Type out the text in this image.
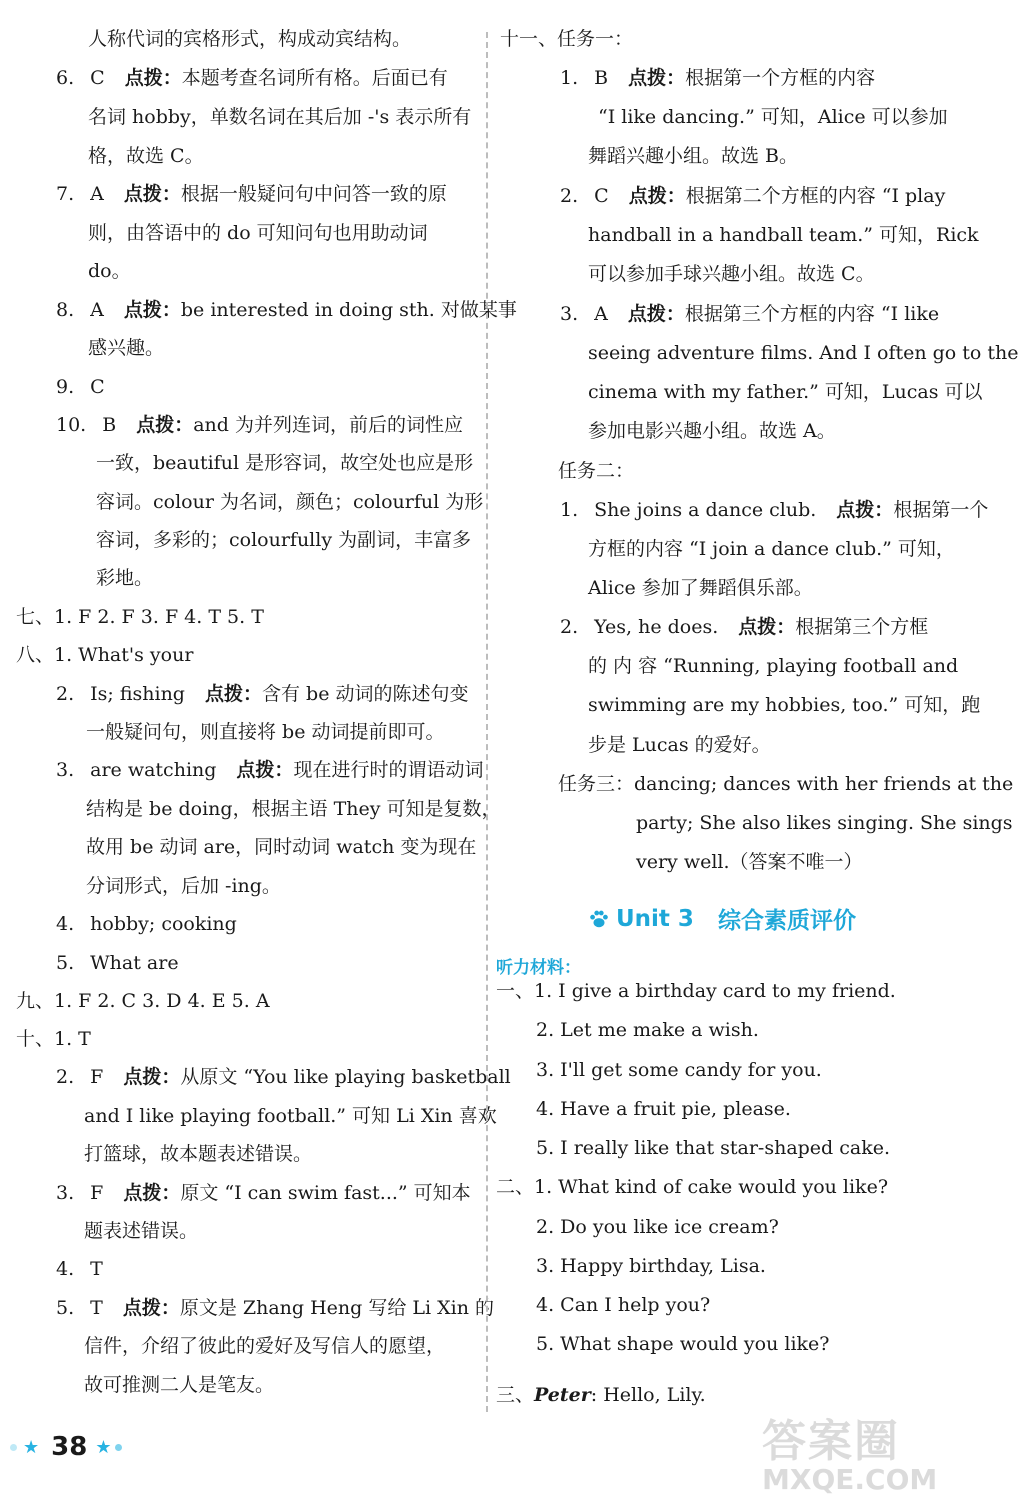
人称代词的宾格形式，构成动宾结构。
6. C 点拨：本题考查名词所有格。后面已有
名词 hobby，单数名词在其后加 -'s 表示所有
格，故选 C。
7. A 点拨：根据一般疑问句中问答一致的原
则，由答语中的 do 可知问句也用助动词
do。
8. A 点拨：be interested in doing sth. 对做某事
感兴趣。
9. C
10. B 点拨：and 为并列连词，前后的词性应
一致，beautiful 是形容词，故空处也应是形
容词。colour 为名词，颜色；colourful 为形
容词，多彩的；colourfully 为副词，丰富多
彩地。
七、1. F 2. F 3. F 4. T 5. T
八、1. What's your
2. Is; fishing 点拨：含有 be 动词的陈述句变
一般疑问句，则直接将 be 动词提前即可。
3. are watching 点拨：现在进行时的谓语动词
结构是 be doing，根据主语 They 可知是复数，
故用 be 动词 are，同时动词 watch 变为现在
分词形式，后加 -ing。
4. hobby; cooking
5. What are
九、1. F 2. C 3. D 4. E 5. A
十、1. T
2. F 点拨：从原文 “You like playing basketball
and I like playing football.” 可知 Li Xin 喜欢
打篮球，故本题表述错误。
3. F 点拨：原文 “I can swim fast...” 可知本
题表述错误。
4. T
5. T 点拨：原文是 Zhang Heng 写给 Li Xin 的
信件，介绍了彼此的爱好及写信人的愿望，
故可推测二人是笔友。
Unit 3 综合素质评价
听力材料：
三、Peter: Hello, Lily.
十一、任务一：
1. B 点拨：根据第一个方框的内容
“I like dancing.” 可知，Alice 可以参加
舞蹈兴趣小组。故选 B。
2. C 点拨：根据第二个方框的内容 “I play
handball in a handball team.” 可知，Rick
可以参加手球兴趣小组。故选 C。
3. A 点拨：根据第三个方框的内容 “I like
seeing adventure films. And I often go to the
cinema with my father.” 可知，Lucas 可以
参加电影兴趣小组。故选 A。
任务二：
1. She joins a dance club. 点拨：根据第一个
方框的内容 “I join a dance club.” 可知，
Alice 参加了舞蹈俱乐部。
2. Yes, he does. 点拨：根据第三个方框
的 内 容 “Running, playing football and
swimming are my hobbies, too.” 可知，跑
步是 Lucas 的爱好。
任务三：dancing; dances with her friends at the
party; She also likes singing. She sings
very well.（答案不唯一）
一、1. I give a birthday card to my friend.
2. Let me make a wish.
3. I'll get some candy for you.
4. Have a fruit pie, please.
5. I really like that star-shaped cake.
二、1. What kind of cake would you like?
2. Do you like ice cream?
3. Happy birthday, Lisa.
4. Can I help you?
5. What shape would you like?
★ 38 ★	答案圈
MXQE.COM
